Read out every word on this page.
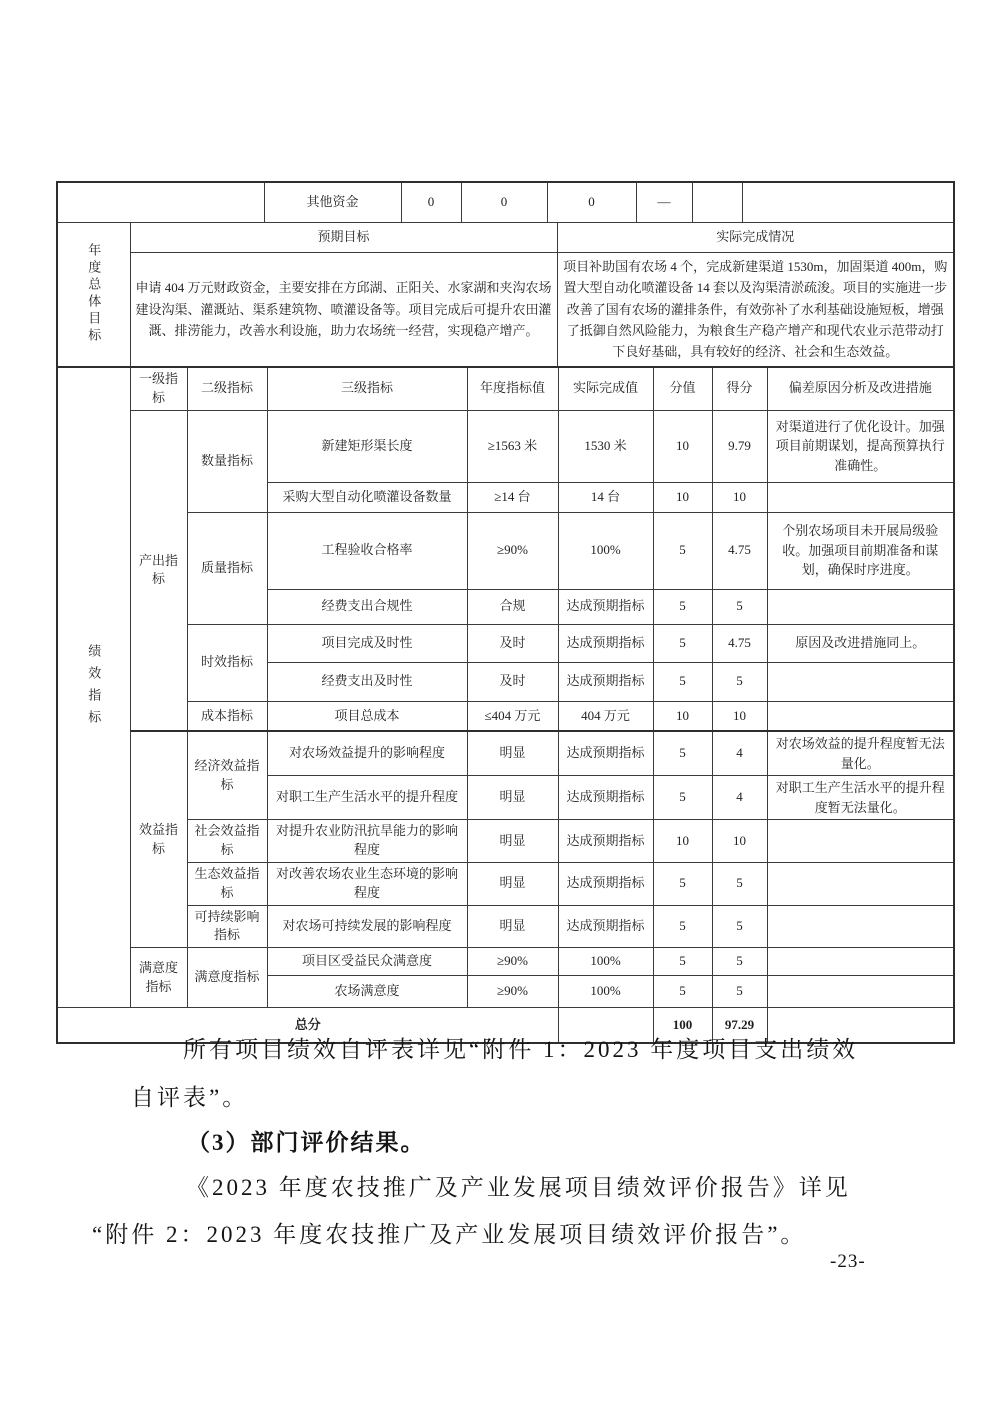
		其他资金	0	0	0		—		

年度总体目标	预期目标					实际完成情况			
	申请 404 万元财政资金，主要安排在方邱湖、正阳关、水家湖和夹沟农场建设沟渠、灌溉站、渠系建筑物、喷灌设备等。项目完成后可提升农田灌溉、排涝能力，改善水利设施，助力农场统一经营，实现稳产增产。					项目补助国有农场 4 个，完成新建渠道 1530m，加固渠道 400m，购置大型自动化喷灌设备 14 套以及沟渠清淤疏浚。项目的实施进一步改善了国有农场的灌排条件，有效弥补了水利基础设施短板，增强了抵御自然风险能力，为粮食生产稳产增产和现代农业示范带动打下良好基础，具有较好的经济、社会和生态效益。			
绩效指标	一级指标	二级指标	三级指标	年度指标值	实际完成值	分值	得分	偏差原因分析及改进措施
	产出指标	数量指标	新建矩形渠长度	≥1563 米	1530 米	10	9.79	对渠道进行了优化设计。加强项目前期谋划，提高预算执行准确性。
			采购大型自动化喷灌设备数量	≥14 台	14 台	10	10	
		质量指标	工程验收合格率	≥90%	100%	5	4.75	个别农场项目未开展局级验收。加强项目前期准备和谋划，确保时序进度。
			经费支出合规性	合规	达成预期指标	5	5	
		时效指标	项目完成及时性	及时	达成预期指标	5	4.75	原因及改进措施同上。
			经费支出及时性	及时	达成预期指标	5	5	
		成本指标	项目总成本	≤404 万元	404 万元	10	10	
	效益指标	经济效益指标	对农场效益提升的影响程度	明显	达成预期指标	5	4	对农场效益的提升程度暂无法量化。
			对职工生产生活水平的提升程度	明显	达成预期指标	5	4	对职工生产生活水平的提升程度暂无法量化。
		社会效益指标	对提升农业防汛抗旱能力的影响程度	明显	达成预期指标	10	10	
		生态效益指标	对改善农场农业生态环境的影响程度	明显	达成预期指标	5	5	
		可持续影响指标	对农场可持续发展的影响程度	明显	达成预期指标	5	5	
	满意度指标	满意度指标	项目区受益民众满意度	≥90%	100%	5	5	
			农场满意度	≥90%	100%	5	5	
总分						100	97.29	
所有项目绩效自评表详见“附件 1：2023 年度项目支出绩效
自评表”。
（3）部门评价结果。
《2023 年度农技推广及产业发展项目绩效评价报告》详见
“附件 2：2023 年度农技推广及产业发展项目绩效评价报告”。
-23-
